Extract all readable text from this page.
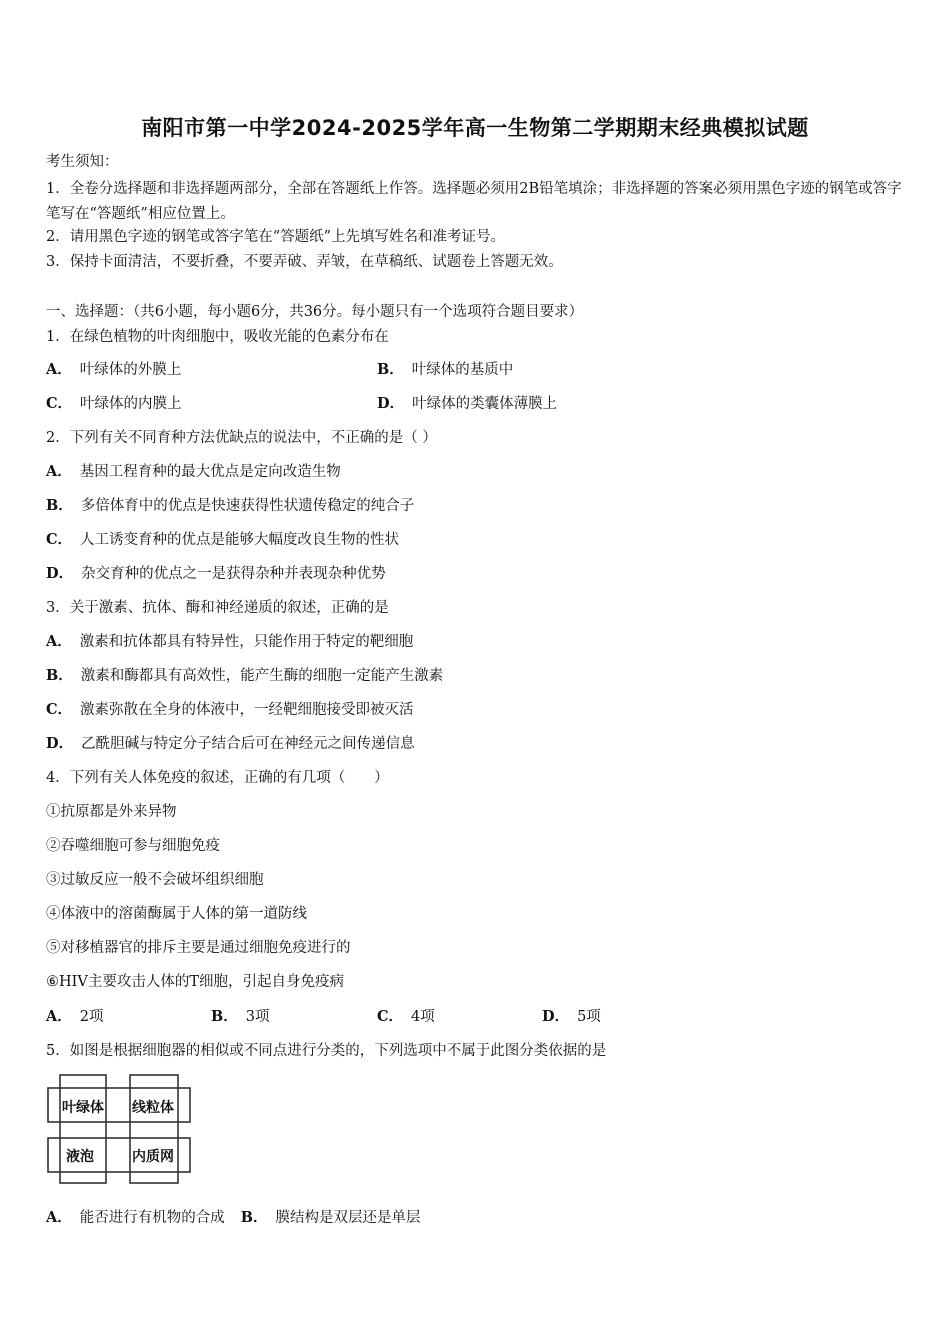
南阳市第一中学2024-2025学年高一生物第二学期期末经典模拟试题
考生须知：
1．全卷分选择题和非选择题两部分，全部在答题纸上作答。选择题必须用2B铅笔填涂；非选择题的答案必须用黑色字迹的钢笔或答字笔写在“答题纸”相应位置上。
2．请用黑色字迹的钢笔或答字笔在“答题纸”上先填写姓名和准考证号。
3．保持卡面清洁，不要折叠，不要弄破、弄皱，在草稿纸、试题卷上答题无效。
一、选择题：（共6小题，每小题6分，共36分。每小题只有一个选项符合题目要求）
1．在绿色植物的叶肉细胞中，吸收光能的色素分布在
A． 叶绿体的外膜上	B． 叶绿体的基质中
C． 叶绿体的内膜上	D． 叶绿体的类囊体薄膜上
2．下列有关不同育种方法优缺点的说法中，不正确的是（ ）
A． 基因工程育种的最大优点是定向改造生物
B． 多倍体育中的优点是快速获得性状遗传稳定的纯合子
C． 人工诱变育种的优点是能够大幅度改良生物的性状
D． 杂交育种的优点之一是获得杂种并表现杂种优势
3．关于激素、抗体、酶和神经递质的叙述，正确的是
A． 激素和抗体都具有特异性，只能作用于特定的靶细胞
B． 激素和酶都具有高效性，能产生酶的细胞一定能产生激素
C． 激素弥散在全身的体液中，一经靶细胞接受即被灭活
D． 乙酰胆碱与特定分子结合后可在神经元之间传递信息
4．下列有关人体免疫的叙述，正确的有几项（　　）
①抗原都是外来异物
②吞噬细胞可参与细胞免疫
③过敏反应一般不会破坏组织细胞
④体液中的溶菌酶属于人体的第一道防线
⑤对移植器官的排斥主要是通过细胞免疫进行的
⑥HIV主要攻击人体的T细胞，引起自身免疫病
A． 2项	B． 3项	C． 4项	D． 5项
5．如图是根据细胞器的相似或不同点进行分类的，下列选项中不属于此图分类依据的是
叶绿体 线粒体
液泡	内质网
A． 能否进行有机物的合成 B． 膜结构是双层还是单层
